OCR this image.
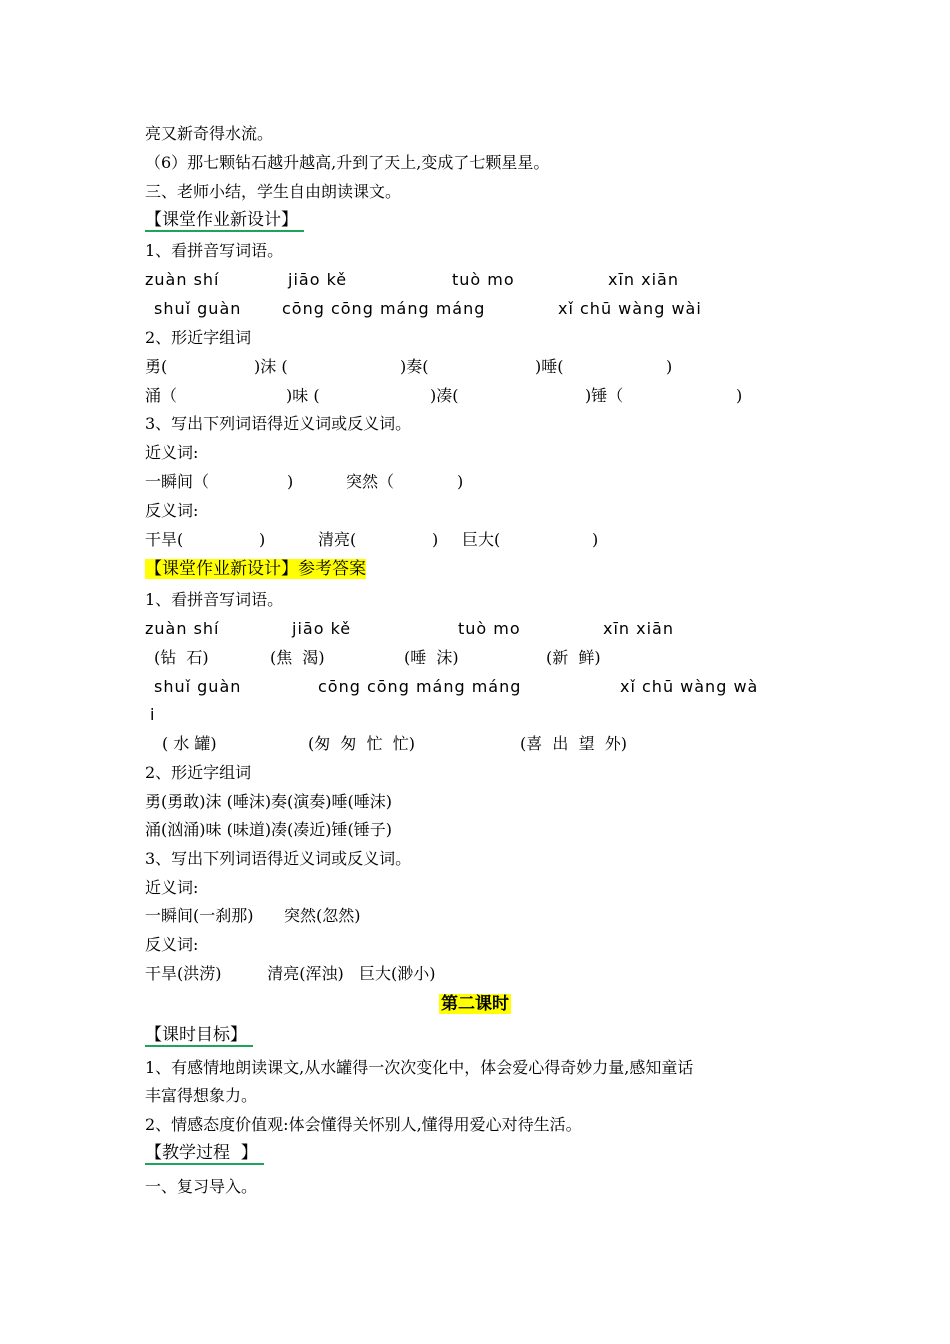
亮又新奇得水流。
（6）那七颗钻石越升越高,升到了天上,变成了七颗星星。
三、老师小结，学生自由朗读课文。
【课堂作业新设计】
1、看拼音写词语。
zuàn shí	jiāo kě	tuò mo	xīn xiān
shuǐ guàn	cōng cōng máng máng	xǐ chū wàng wài
2、形近字组词
勇(	)沫 (	)奏(	)唾(	)
涌（	)味 (	)凑(	)锤（	)
3、写出下列词语得近义词或反义词。
近义词:
一瞬间（	)	突然（	)
反义词:
干旱(	)	清亮(	) 巨大(	)
【课堂作业新设计】参考答案
1、看拼音写词语。
zuàn shí	jiāo kě	tuò mo	xīn xiān
(钻  石)	(焦  渴)	(唾  沫)	(新  鲜)
shuǐ guàn	cōng cōng máng máng	xǐ chū wàng wà
i
( 水 罐)	(匆  匆  忙  忙)	(喜  出  望  外)
2、形近字组词
勇(勇敢)沫 (唾沫)奏(演奏)唾(唾沫)
涌(汹涌)味 (味道)凑(凑近)锤(锤子)
3、写出下列词语得近义词或反义词。
近义词:
一瞬间(一刹那)      突然(忽然)
反义词:
干旱(洪涝)         清亮(浑浊)   巨大(渺小)
第二课时
【课时目标】
1、有感情地朗读课文,从水罐得一次次变化中，体会爱心得奇妙力量,感知童话
丰富得想象力。
2、情感态度价值观:体会懂得关怀别人,懂得用爱心对待生活。
【教学过程  】
一、复习导入。
